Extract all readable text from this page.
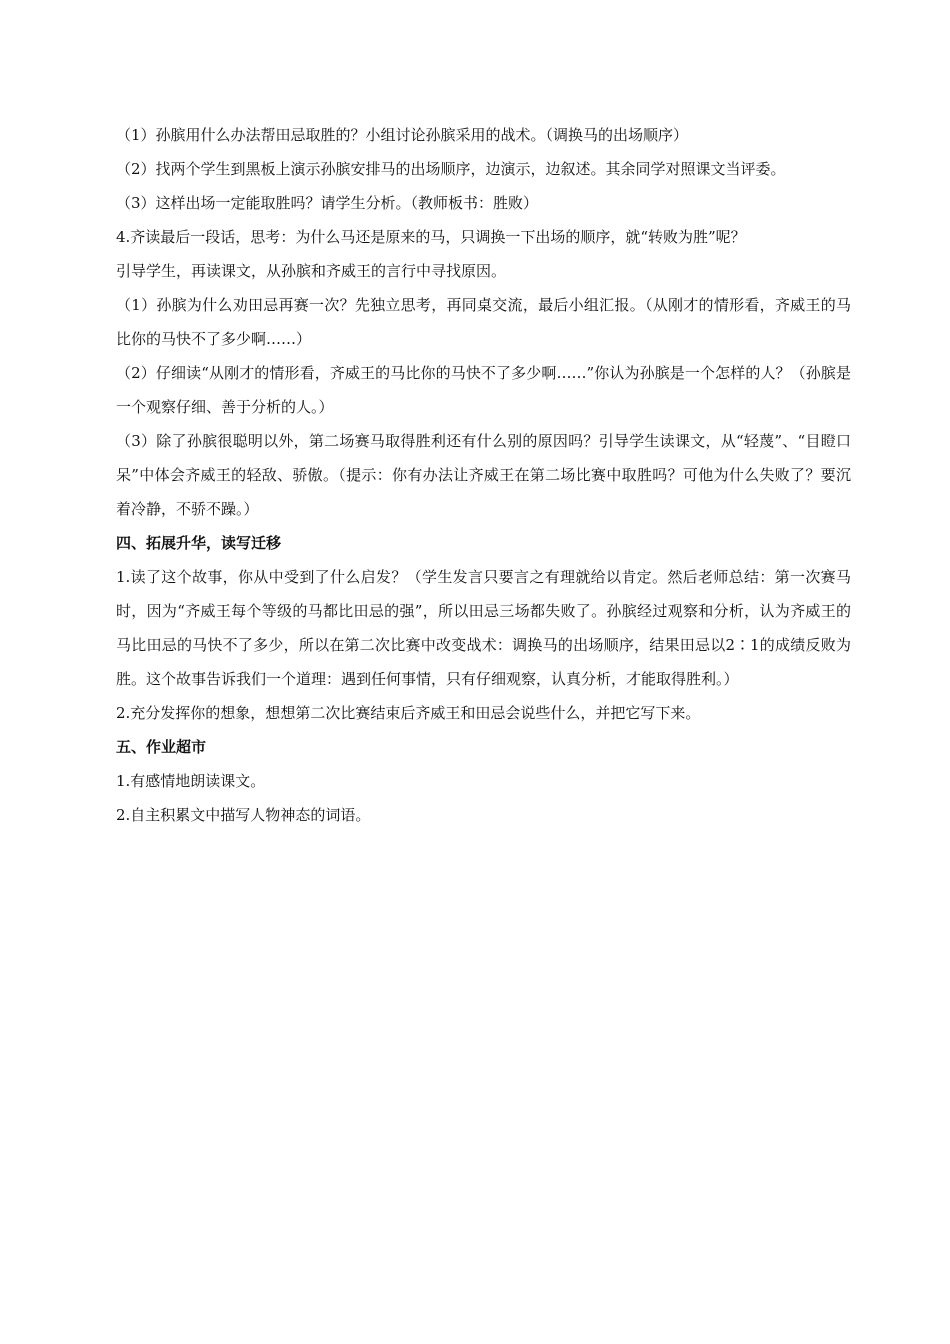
（1）孙膑用什么办法帮田忌取胜的？小组讨论孙膑采用的战术。（调换马的出场顺序）

（2）找两个学生到黑板上演示孙膑安排马的出场顺序，边演示，边叙述。其余同学对照课文当评委。

（3）这样出场一定能取胜吗？请学生分析。（教师板书：胜败）

4.齐读最后一段话，思考：为什么马还是原来的马，只调换一下出场的顺序，就“转败为胜”呢？

引导学生，再读课文，从孙膑和齐威王的言行中寻找原因。

（1）孙膑为什么劝田忌再赛一次？先独立思考，再同桌交流，最后小组汇报。（从刚才的情形看，齐威王的马比你的马快不了多少啊……）

（2）仔细读“从刚才的情形看，齐威王的马比你的马快不了多少啊……”你认为孙膑是一个怎样的人？（孙膑是一个观察仔细、善于分析的人。）

（3）除了孙膑很聪明以外，第二场赛马取得胜利还有什么别的原因吗？引导学生读课文，从“轻蔑”、“目瞪口呆”中体会齐威王的轻敌、骄傲。（提示：你有办法让齐威王在第二场比赛中取胜吗？可他为什么失败了？要沉着冷静，不骄不躁。）

四、拓展升华，读写迁移

1.读了这个故事，你从中受到了什么启发？（学生发言只要言之有理就给以肯定。然后老师总结：第一次赛马时，因为“齐威王每个等级的马都比田忌的强”，所以田忌三场都失败了。孙膑经过观察和分析，认为齐威王的马比田忌的马快不了多少，所以在第二次比赛中改变战术：调换马的出场顺序，结果田忌以2∶1的成绩反败为胜。这个故事告诉我们一个道理：遇到任何事情，只有仔细观察，认真分析，才能取得胜利。）

2.充分发挥你的想象，想想第二次比赛结束后齐威王和田忌会说些什么，并把它写下来。

五、作业超市

1.有感情地朗读课文。

2.自主积累文中描写人物神态的词语。
